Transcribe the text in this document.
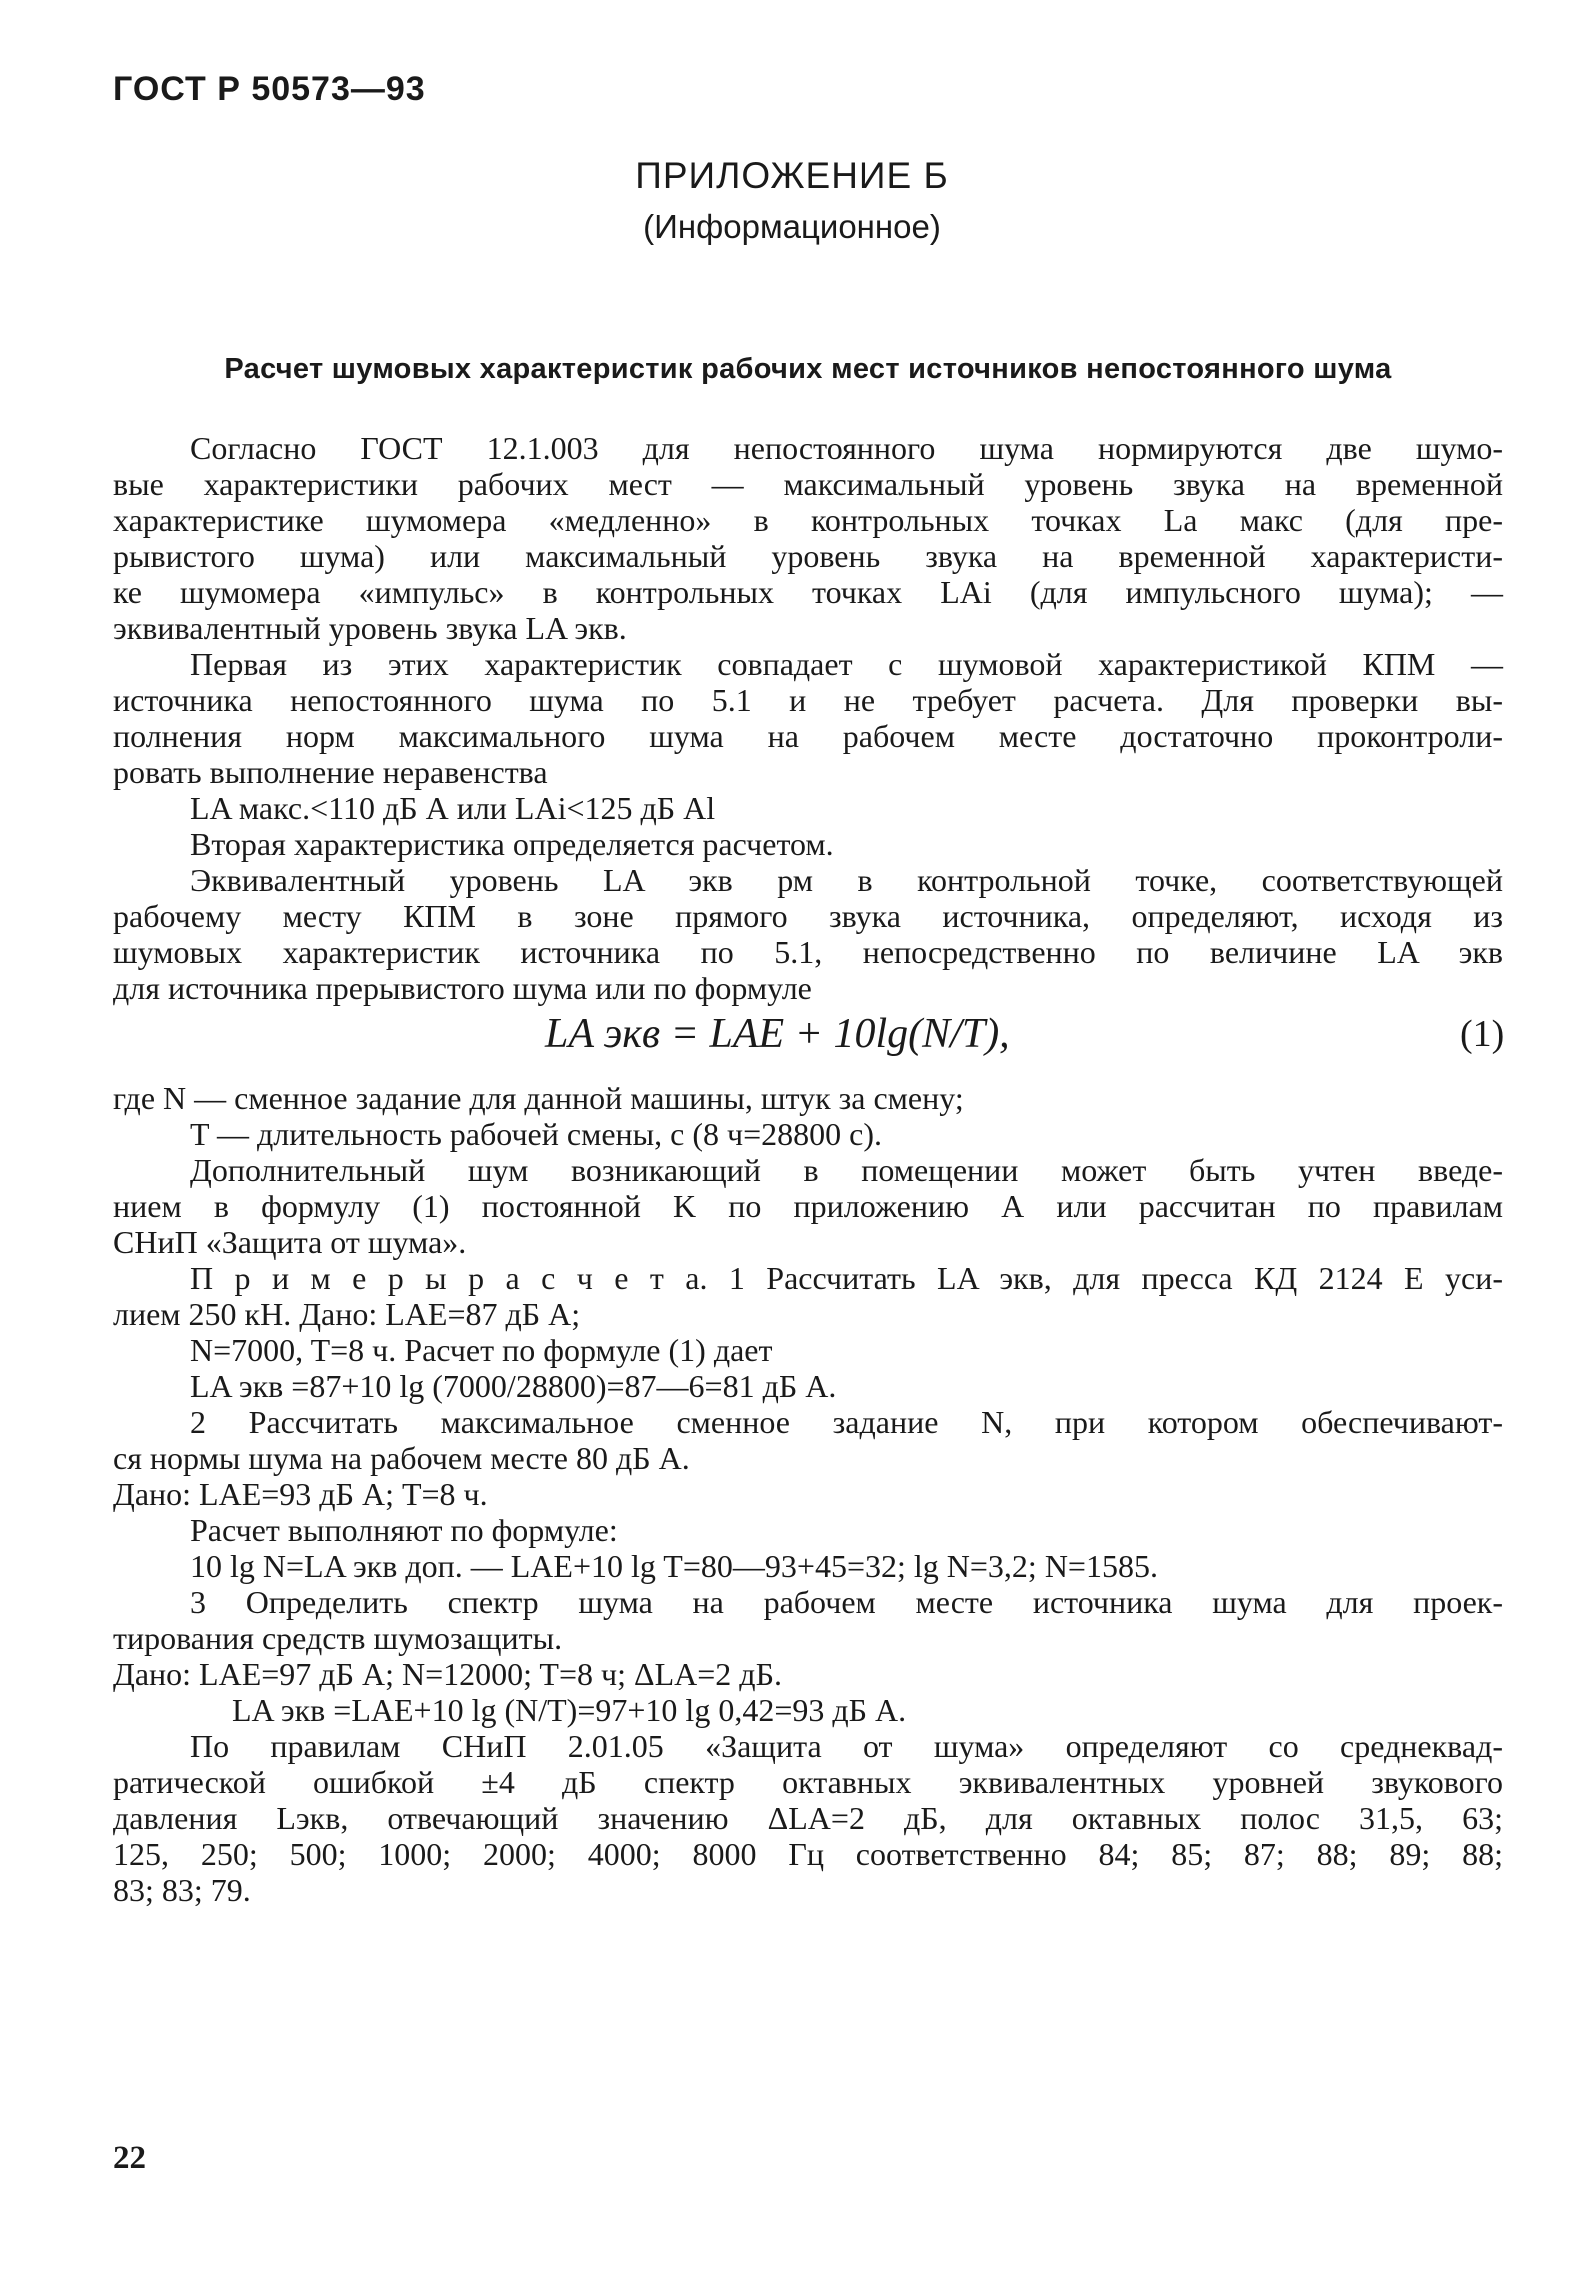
ГОСТ Р 50573—93
ПРИЛОЖЕНИЕ Б
(Информационное)
Расчет шумовых характеристик рабочих мест источников непостоянного шума
Согласно ГОСТ 12.1.003 для непостоянного шума нормируются две шумо-
вые характеристики рабочих мест — максимальный уровень звука на временной
характеристике шумомера «медленно» в контрольных точках Lа макс (для пре-
рывистого шума) или максимальный уровень звука на временной характеристи-
ке шумомера «импульс» в контрольных точках LAi (для импульсного шума); —
эквивалентный уровень звука LA экв.
Первая из этих характеристик совпадает с шумовой характеристикой КПМ —
источника непостоянного шума по 5.1 и не требует расчета. Для проверки вы-
полнения норм максимального шума на рабочем месте достаточно проконтроли-
ровать выполнение неравенства
LA макс.<110 дБ А или LAi<125 дБ Аl
Вторая характеристика определяется расчетом.
Эквивалентный уровень LA экв рм в контрольной точке, соответствующей
рабочему месту КПМ в зоне прямого звука источника, определяют, исходя из
шумовых характеристик источника по 5.1, непосредственно по величине LA экв
для источника прерывистого шума или по формуле
LA экв = LAE + 10lg(N/T),	(1)
где N — сменное задание для данной машины, штук за смену;
T — длительность рабочей смены, с (8 ч=28800 с).
Дополнительный шум возникающий в помещении может быть учтен введе-
нием в формулу (1) постоянной K по приложению А или рассчитан по правилам
СНиП «Защита от шума».
П р и м е р ы р а с ч е т а. 1 Рассчитать LA экв, для пресса КД 2124 Е уси-
лием 250 кН. Дано: LAE=87 дБ А;
N=7000, T=8 ч. Расчет по формуле (1) дает
LA экв =87+10 lg (7000/28800)=87—6=81 дБ А.
2 Рассчитать максимальное сменное задание N, при котором обеспечивают-
ся нормы шума на рабочем месте 80 дБ А.
Дано: LAE=93 дБ А; T=8 ч.
Расчет выполняют по формуле:
10 lg N=LA экв доп. — LAE+10 lg T=80—93+45=32; lg N=3,2; N=1585.
3 Определить спектр шума на рабочем месте источника шума для проек-
тирования средств шумозащиты.
Дано: LAE=97 дБ А; N=12000; T=8 ч; ΔLA=2 дБ.
LA экв =LAE+10 lg (N/T)=97+10 lg 0,42=93 дБ А.
По правилам СНиП 2.01.05 «Защита от шума» определяют со среднеквад-
ратической ошибкой ±4 дБ спектр октавных эквивалентных уровней звукового
давления Lэкв, отвечающий значению ΔLA=2 дБ, для октавных полос 31,5, 63;
125, 250; 500; 1000; 2000; 4000; 8000 Гц соответственно 84; 85; 87; 88; 89; 88;
83; 83; 79.
22
